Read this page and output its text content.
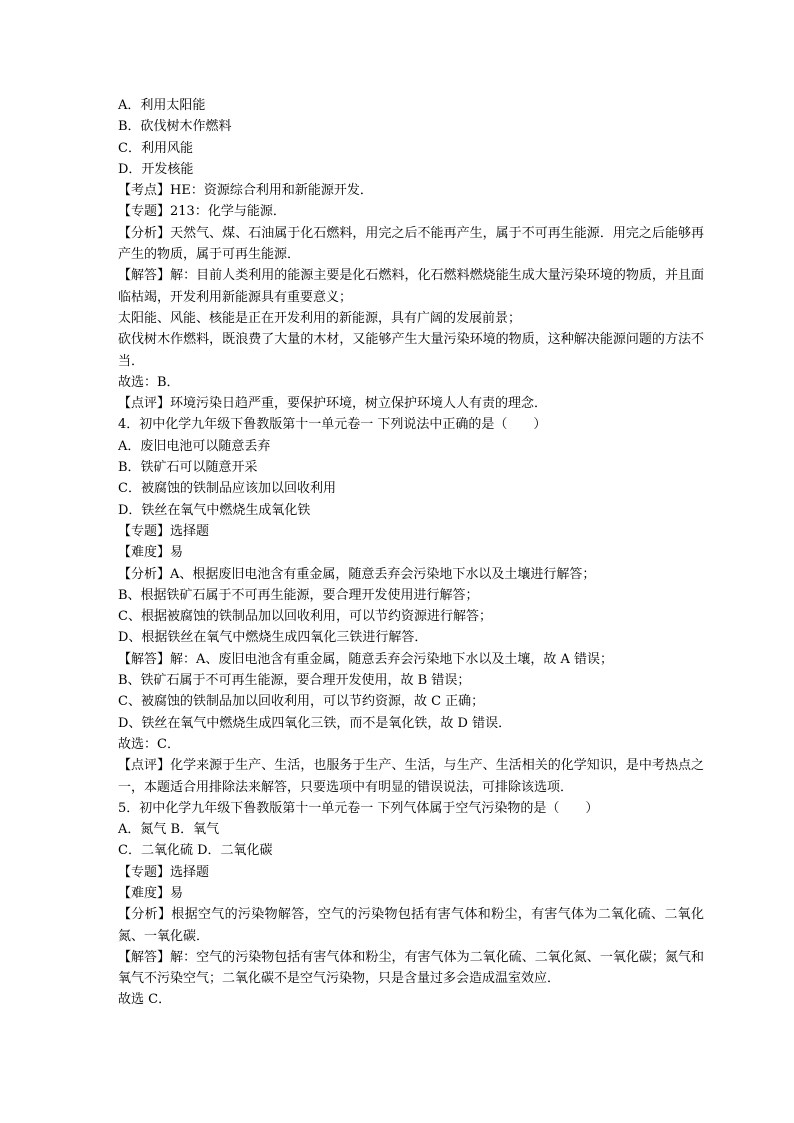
A．利用太阳能
B．砍伐树木作燃料
C．利用风能
D．开发核能
【考点】HE：资源综合利用和新能源开发．
【专题】213：化学与能源．
【分析】天然气、煤、石油属于化石燃料，用完之后不能再产生，属于不可再生能源．用完之后能够再产生的物质，属于可再生能源．
【解答】解：目前人类利用的能源主要是化石燃料，化石燃料燃烧能生成大量污染环境的物质，并且面临枯竭，开发利用新能源具有重要意义；
太阳能、风能、核能是正在开发利用的新能源，具有广阔的发展前景；
砍伐树木作燃料，既浪费了大量的木材，又能够产生大量污染环境的物质，这种解决能源问题的方法不当．
故选：B．
【点评】环境污染日趋严重，要保护环境，树立保护环境人人有责的理念．
4．初中化学九年级下鲁教版第十一单元卷一 下列说法中正确的是（　　）
A．废旧电池可以随意丢弃
B．铁矿石可以随意开采
C．被腐蚀的铁制品应该加以回收利用
D．铁丝在氧气中燃烧生成氧化铁
【专题】选择题
【难度】易
【分析】A、根据废旧电池含有重金属，随意丢弃会污染地下水以及土壤进行解答；
B、根据铁矿石属于不可再生能源，要合理开发使用进行解答；
C、根据被腐蚀的铁制品加以回收利用，可以节约资源进行解答；
D、根据铁丝在氧气中燃烧生成四氧化三铁进行解答．
【解答】解：A、废旧电池含有重金属，随意丢弃会污染地下水以及土壤，故 A 错误；
B、铁矿石属于不可再生能源，要合理开发使用，故 B 错误；
C、被腐蚀的铁制品加以回收利用，可以节约资源，故 C 正确；
D、铁丝在氧气中燃烧生成四氧化三铁，而不是氧化铁，故 D 错误．
故选：C．
【点评】化学来源于生产、生活，也服务于生产、生活，与生产、生活相关的化学知识，是中考热点之一，本题适合用排除法来解答，只要选项中有明显的错误说法，可排除该选项．
5．初中化学九年级下鲁教版第十一单元卷一 下列气体属于空气污染物的是（　　）
A．氮气 B．氧气
C．二氧化硫 D．二氧化碳
【专题】选择题
【难度】易
【分析】根据空气的污染物解答，空气的污染物包括有害气体和粉尘，有害气体为二氧化硫、二氧化氮、一氧化碳．
【解答】解：空气的污染物包括有害气体和粉尘，有害气体为二氧化硫、二氧化氮、一氧化碳；氮气和氧气不污染空气；二氧化碳不是空气污染物，只是含量过多会造成温室效应．
故选 C．
